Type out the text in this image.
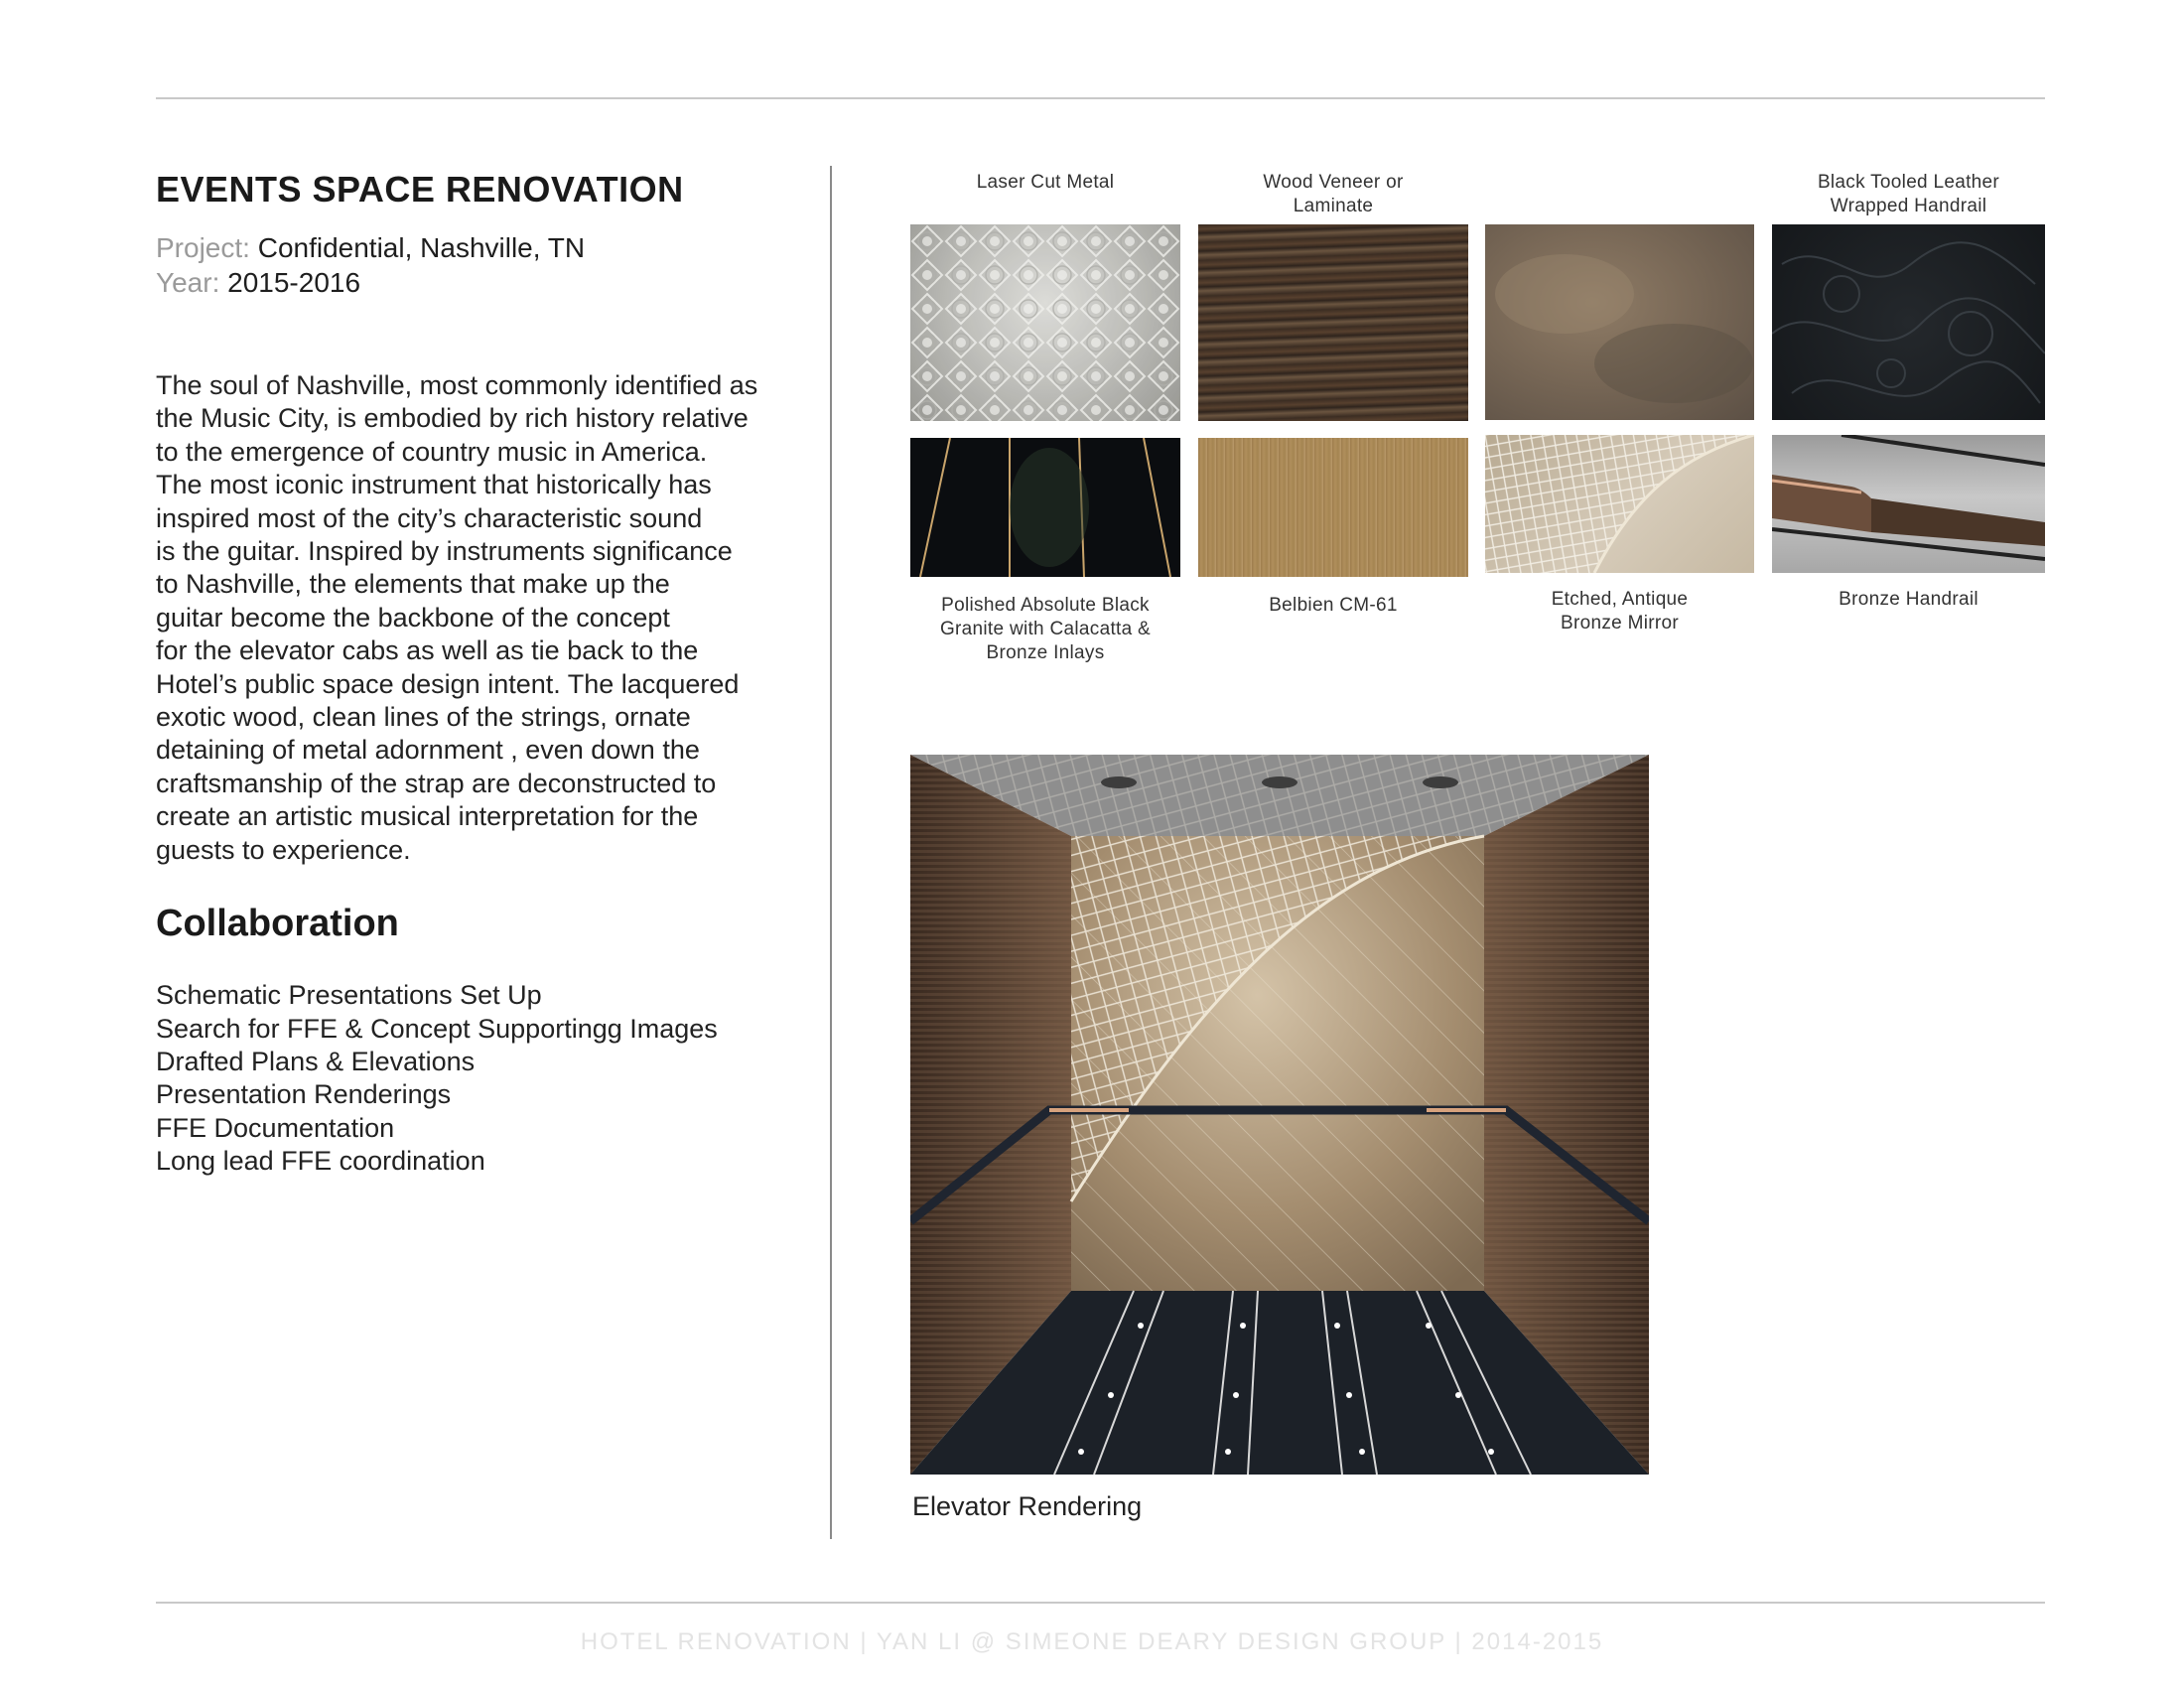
EVENTS SPACE RENOVATION
Project: Confidential, Nashville, TN
Year: 2015-2016
The soul of Nashville, most commonly identified as
the Music City, is embodied by rich history relative
to the emergence of country music in America.
The most iconic instrument that historically has
inspired most of the city’s characteristic sound
is the guitar. Inspired by instruments significance
to Nashville, the elements that make up the
guitar become the backbone of the concept
for the elevator cabs as well as tie back to the
Hotel’s public space design intent. The lacquered
exotic wood, clean lines of the strings, ornate
detaining of metal adornment , even down the
craftsmanship of the strap are deconstructed to
create an artistic musical interpretation for the
guests to experience.
Collaboration
Schematic Presentations Set Up
Search for FFE & Concept Supportingg Images
Drafted Plans & Elevations
Presentation Renderings
FFE Documentation
Long lead FFE coordination
Laser Cut Metal	Wood Veneer or
Laminate
Black Tooled Leather
Wrapped Handrail
Polished Absolute Black
Granite with Calacatta &
Bronze Inlays
Belbien CM-61	Etched, Antique
Bronze Mirror
Bronze Handrail
Elevator Rendering
HOTEL RENOVATION | YAN LI @ SIMEONE DEARY DESIGN GROUP | 2014-2015
